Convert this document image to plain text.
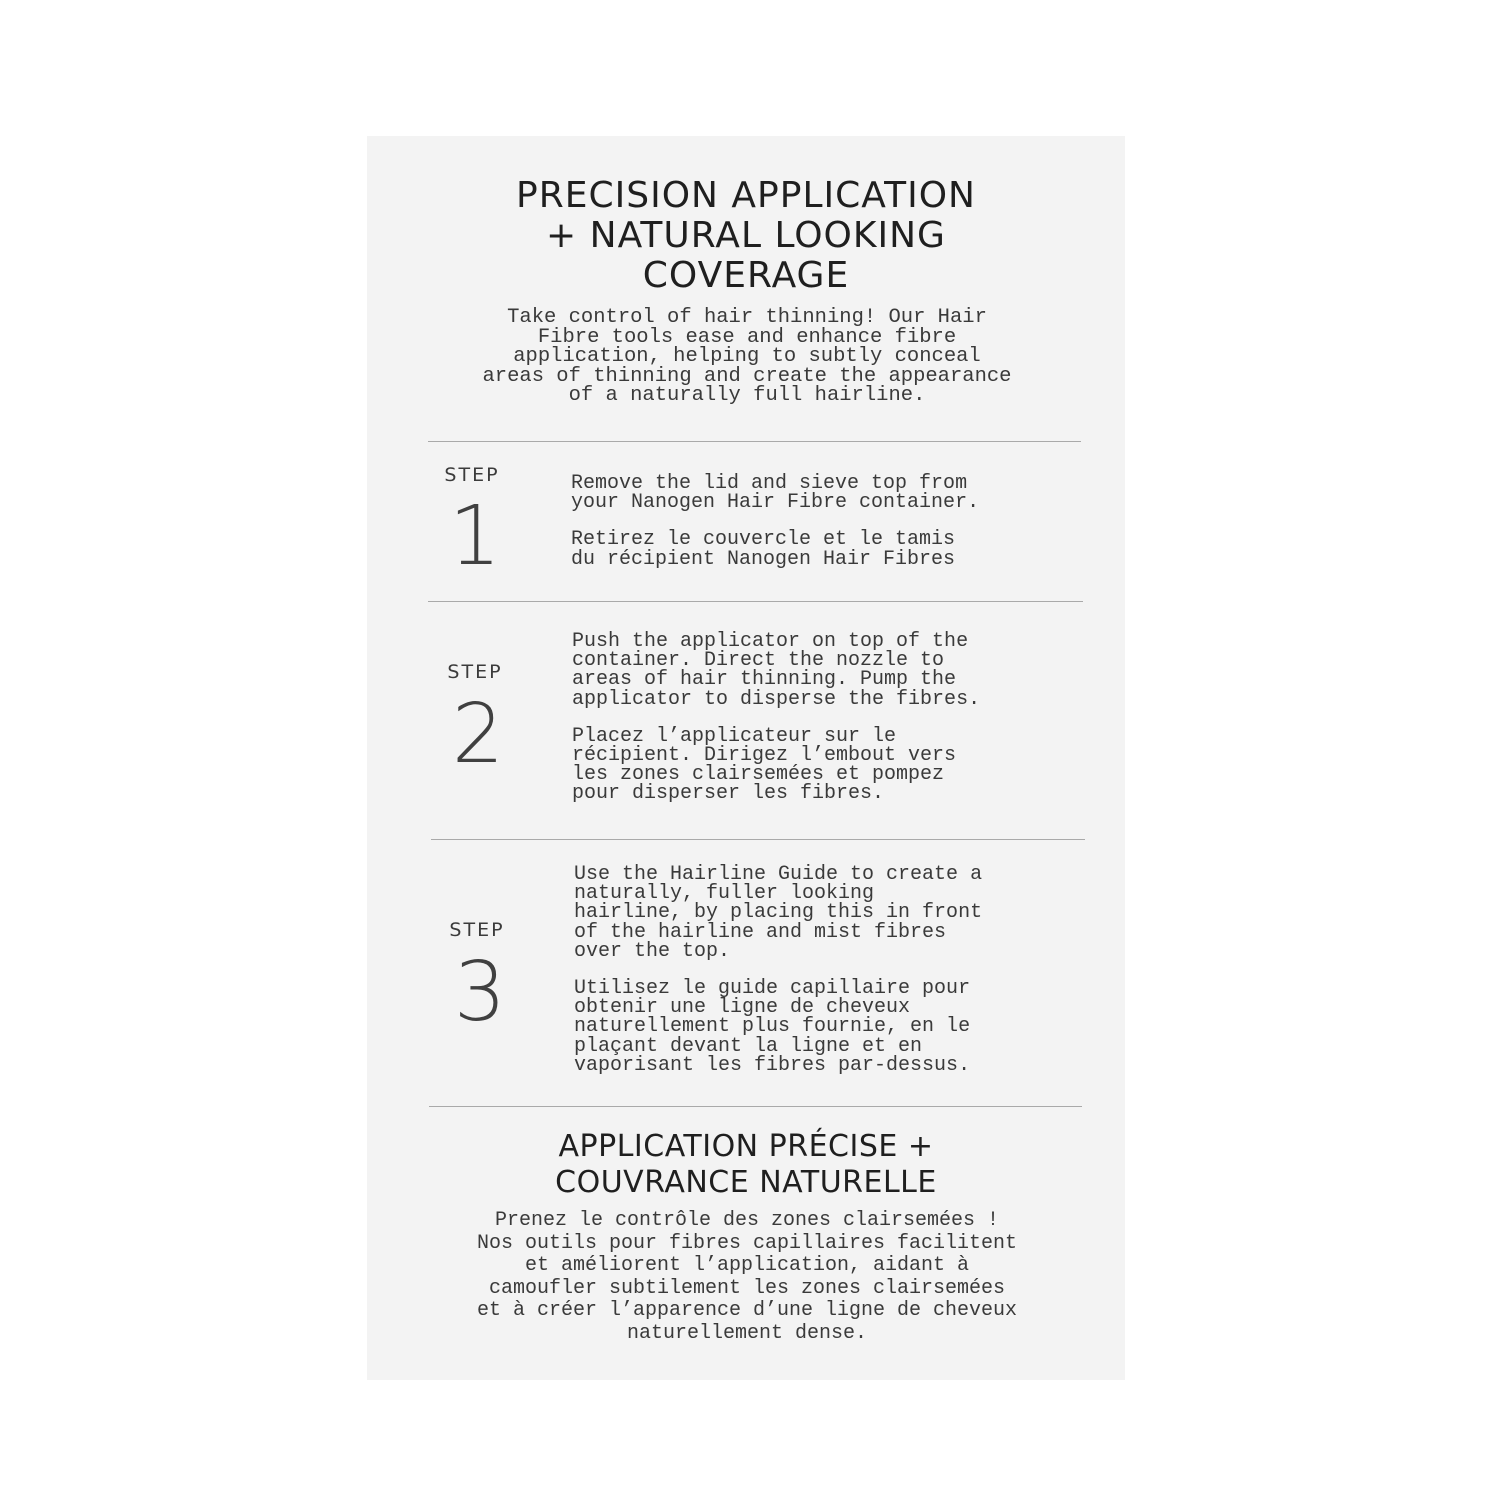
PRECISION APPLICATION
+ NATURAL LOOKING
COVERAGE

Take control of hair thinning! Our Hair
Fibre tools ease and enhance fibre
application, helping to subtly conceal
areas of thinning and create the appearance
of a naturally full hairline.

STEP
1
Remove the lid and sieve top from
your Nanogen Hair Fibre container.
Retirez le couvercle et le tamis
du récipient Nanogen Hair Fibres
STEP
2
Push the applicator on top of the
container. Direct the nozzle to
areas of hair thinning. Pump the
applicator to disperse the fibres.
Placez l’applicateur sur le
récipient. Dirigez l’embout vers
les zones clairsemées et pompez
pour disperser les fibres.
STEP
3
Use the Hairline Guide to create a
naturally, fuller looking
hairline, by placing this in front
of the hairline and mist fibres
over the top.
Utilisez le guide capillaire pour
obtenir une ligne de cheveux
naturellement plus fournie, en le
plaçant devant la ligne et en
vaporisant les fibres par-dessus.
APPLICATION PRÉCISE +
COUVRANCE NATURELLE

Prenez le contrôle des zones clairsemées !
Nos outils pour fibres capillaires facilitent
et améliorent l’application, aidant à
camoufler subtilement les zones clairsemées
et à créer l’apparence d’une ligne de cheveux
naturellement dense.
